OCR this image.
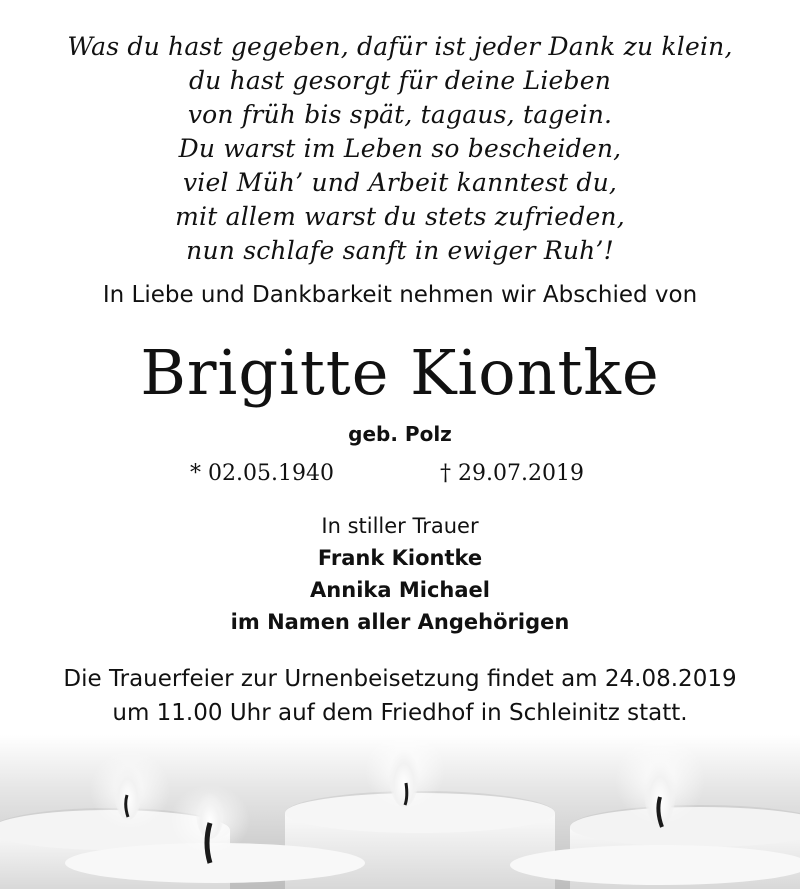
Was du hast gegeben, dafür ist jeder Dank zu klein,
du hast gesorgt für deine Lieben
von früh bis spät, tagaus, tagein.
Du warst im Leben so bescheiden,
viel Müh’ und Arbeit kanntest du,
mit allem warst du stets zufrieden,
nun schlafe sanft in ewiger Ruh’!
In Liebe und Dankbarkeit nehmen wir Abschied von
Brigitte Kiontke
geb. Polz
* 02.05.1940	† 29.07.2019
In stiller Trauer
Frank Kiontke
Annika Michael
im Namen aller Angehörigen
Die Trauerfeier zur Urnenbeisetzung findet am 24.08.2019
um 11.00 Uhr auf dem Friedhof in Schleinitz statt.
